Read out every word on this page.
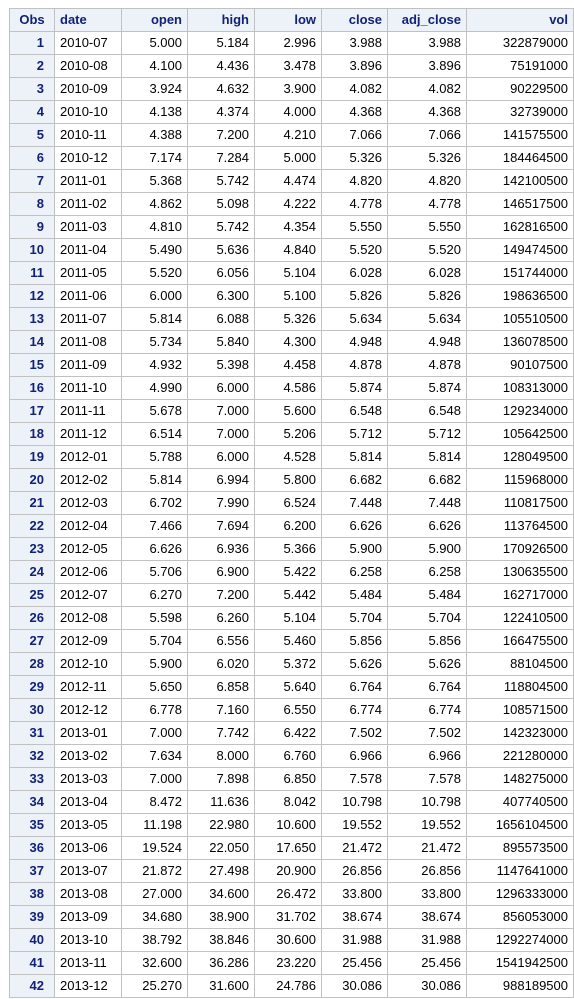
Obs	date	open	high	low	close	adj_close	vol
1	2010-07	5.000	5.184	2.996	3.988	3.988	322879000
2	2010-08	4.100	4.436	3.478	3.896	3.896	75191000
3	2010-09	3.924	4.632	3.900	4.082	4.082	90229500
4	2010-10	4.138	4.374	4.000	4.368	4.368	32739000
5	2010-11	4.388	7.200	4.210	7.066	7.066	141575500
6	2010-12	7.174	7.284	5.000	5.326	5.326	184464500
7	2011-01	5.368	5.742	4.474	4.820	4.820	142100500
8	2011-02	4.862	5.098	4.222	4.778	4.778	146517500
9	2011-03	4.810	5.742	4.354	5.550	5.550	162816500
10	2011-04	5.490	5.636	4.840	5.520	5.520	149474500
11	2011-05	5.520	6.056	5.104	6.028	6.028	151744000
12	2011-06	6.000	6.300	5.100	5.826	5.826	198636500
13	2011-07	5.814	6.088	5.326	5.634	5.634	105510500
14	2011-08	5.734	5.840	4.300	4.948	4.948	136078500
15	2011-09	4.932	5.398	4.458	4.878	4.878	90107500
16	2011-10	4.990	6.000	4.586	5.874	5.874	108313000
17	2011-11	5.678	7.000	5.600	6.548	6.548	129234000
18	2011-12	6.514	7.000	5.206	5.712	5.712	105642500
19	2012-01	5.788	6.000	4.528	5.814	5.814	128049500
20	2012-02	5.814	6.994	5.800	6.682	6.682	115968000
21	2012-03	6.702	7.990	6.524	7.448	7.448	110817500
22	2012-04	7.466	7.694	6.200	6.626	6.626	113764500
23	2012-05	6.626	6.936	5.366	5.900	5.900	170926500
24	2012-06	5.706	6.900	5.422	6.258	6.258	130635500
25	2012-07	6.270	7.200	5.442	5.484	5.484	162717000
26	2012-08	5.598	6.260	5.104	5.704	5.704	122410500
27	2012-09	5.704	6.556	5.460	5.856	5.856	166475500
28	2012-10	5.900	6.020	5.372	5.626	5.626	88104500
29	2012-11	5.650	6.858	5.640	6.764	6.764	118804500
30	2012-12	6.778	7.160	6.550	6.774	6.774	108571500
31	2013-01	7.000	7.742	6.422	7.502	7.502	142323000
32	2013-02	7.634	8.000	6.760	6.966	6.966	221280000
33	2013-03	7.000	7.898	6.850	7.578	7.578	148275000
34	2013-04	8.472	11.636	8.042	10.798	10.798	407740500
35	2013-05	11.198	22.980	10.600	19.552	19.552	1656104500
36	2013-06	19.524	22.050	17.650	21.472	21.472	895573500
37	2013-07	21.872	27.498	20.900	26.856	26.856	1147641000
38	2013-08	27.000	34.600	26.472	33.800	33.800	1296333000
39	2013-09	34.680	38.900	31.702	38.674	38.674	856053000
40	2013-10	38.792	38.846	30.600	31.988	31.988	1292274000
41	2013-11	32.600	36.286	23.220	25.456	25.456	1541942500
42	2013-12	25.270	31.600	24.786	30.086	30.086	988189500
